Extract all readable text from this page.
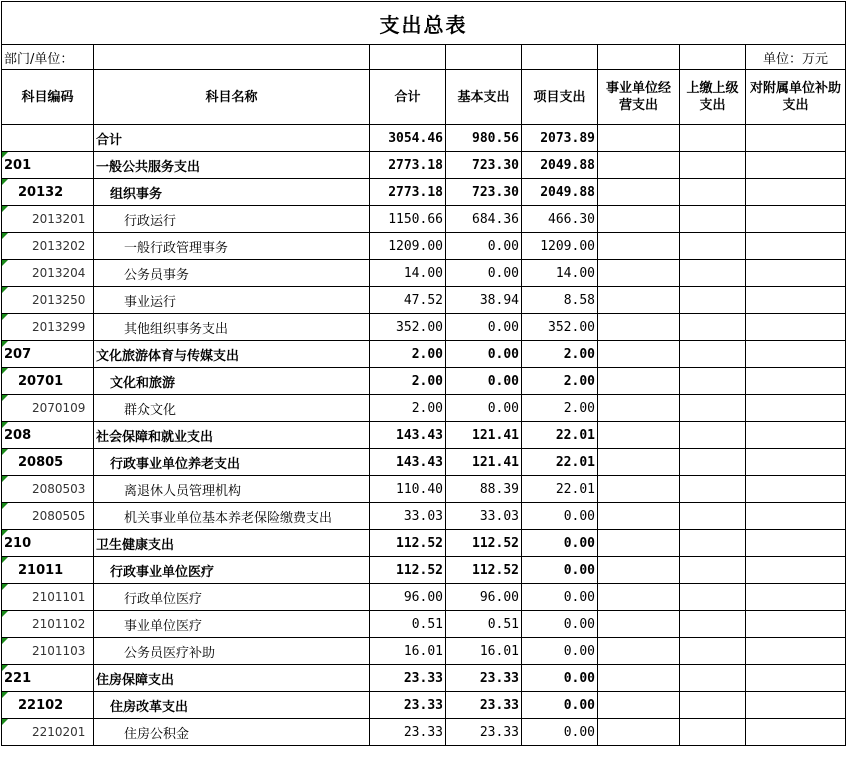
支出总表							
部门/单位：							单位：万元
科目编码	科目名称	合计	基本支出	项目支出	事业单位经营支出	上缴上级支出	对附属单位补助支出
	合计	3054.46	980.56	2073.89			
201	一般公共服务支出	2773.18	723.30	2049.88			
20132	组织事务	2773.18	723.30	2049.88			
2013201	行政运行	1150.66	684.36	466.30			
2013202	一般行政管理事务	1209.00	0.00	1209.00			
2013204	公务员事务	14.00	0.00	14.00			
2013250	事业运行	47.52	38.94	8.58			
2013299	其他组织事务支出	352.00	0.00	352.00			
207	文化旅游体育与传媒支出	2.00	0.00	2.00			
20701	文化和旅游	2.00	0.00	2.00			
2070109	群众文化	2.00	0.00	2.00			
208	社会保障和就业支出	143.43	121.41	22.01			
20805	行政事业单位养老支出	143.43	121.41	22.01			
2080503	离退休人员管理机构	110.40	88.39	22.01			
2080505	机关事业单位基本养老保险缴费支出	33.03	33.03	0.00			
210	卫生健康支出	112.52	112.52	0.00			
21011	行政事业单位医疗	112.52	112.52	0.00			
2101101	行政单位医疗	96.00	96.00	0.00			
2101102	事业单位医疗	0.51	0.51	0.00			
2101103	公务员医疗补助	16.01	16.01	0.00			
221	住房保障支出	23.33	23.33	0.00			
22102	住房改革支出	23.33	23.33	0.00			
2210201	住房公积金	23.33	23.33	0.00			
